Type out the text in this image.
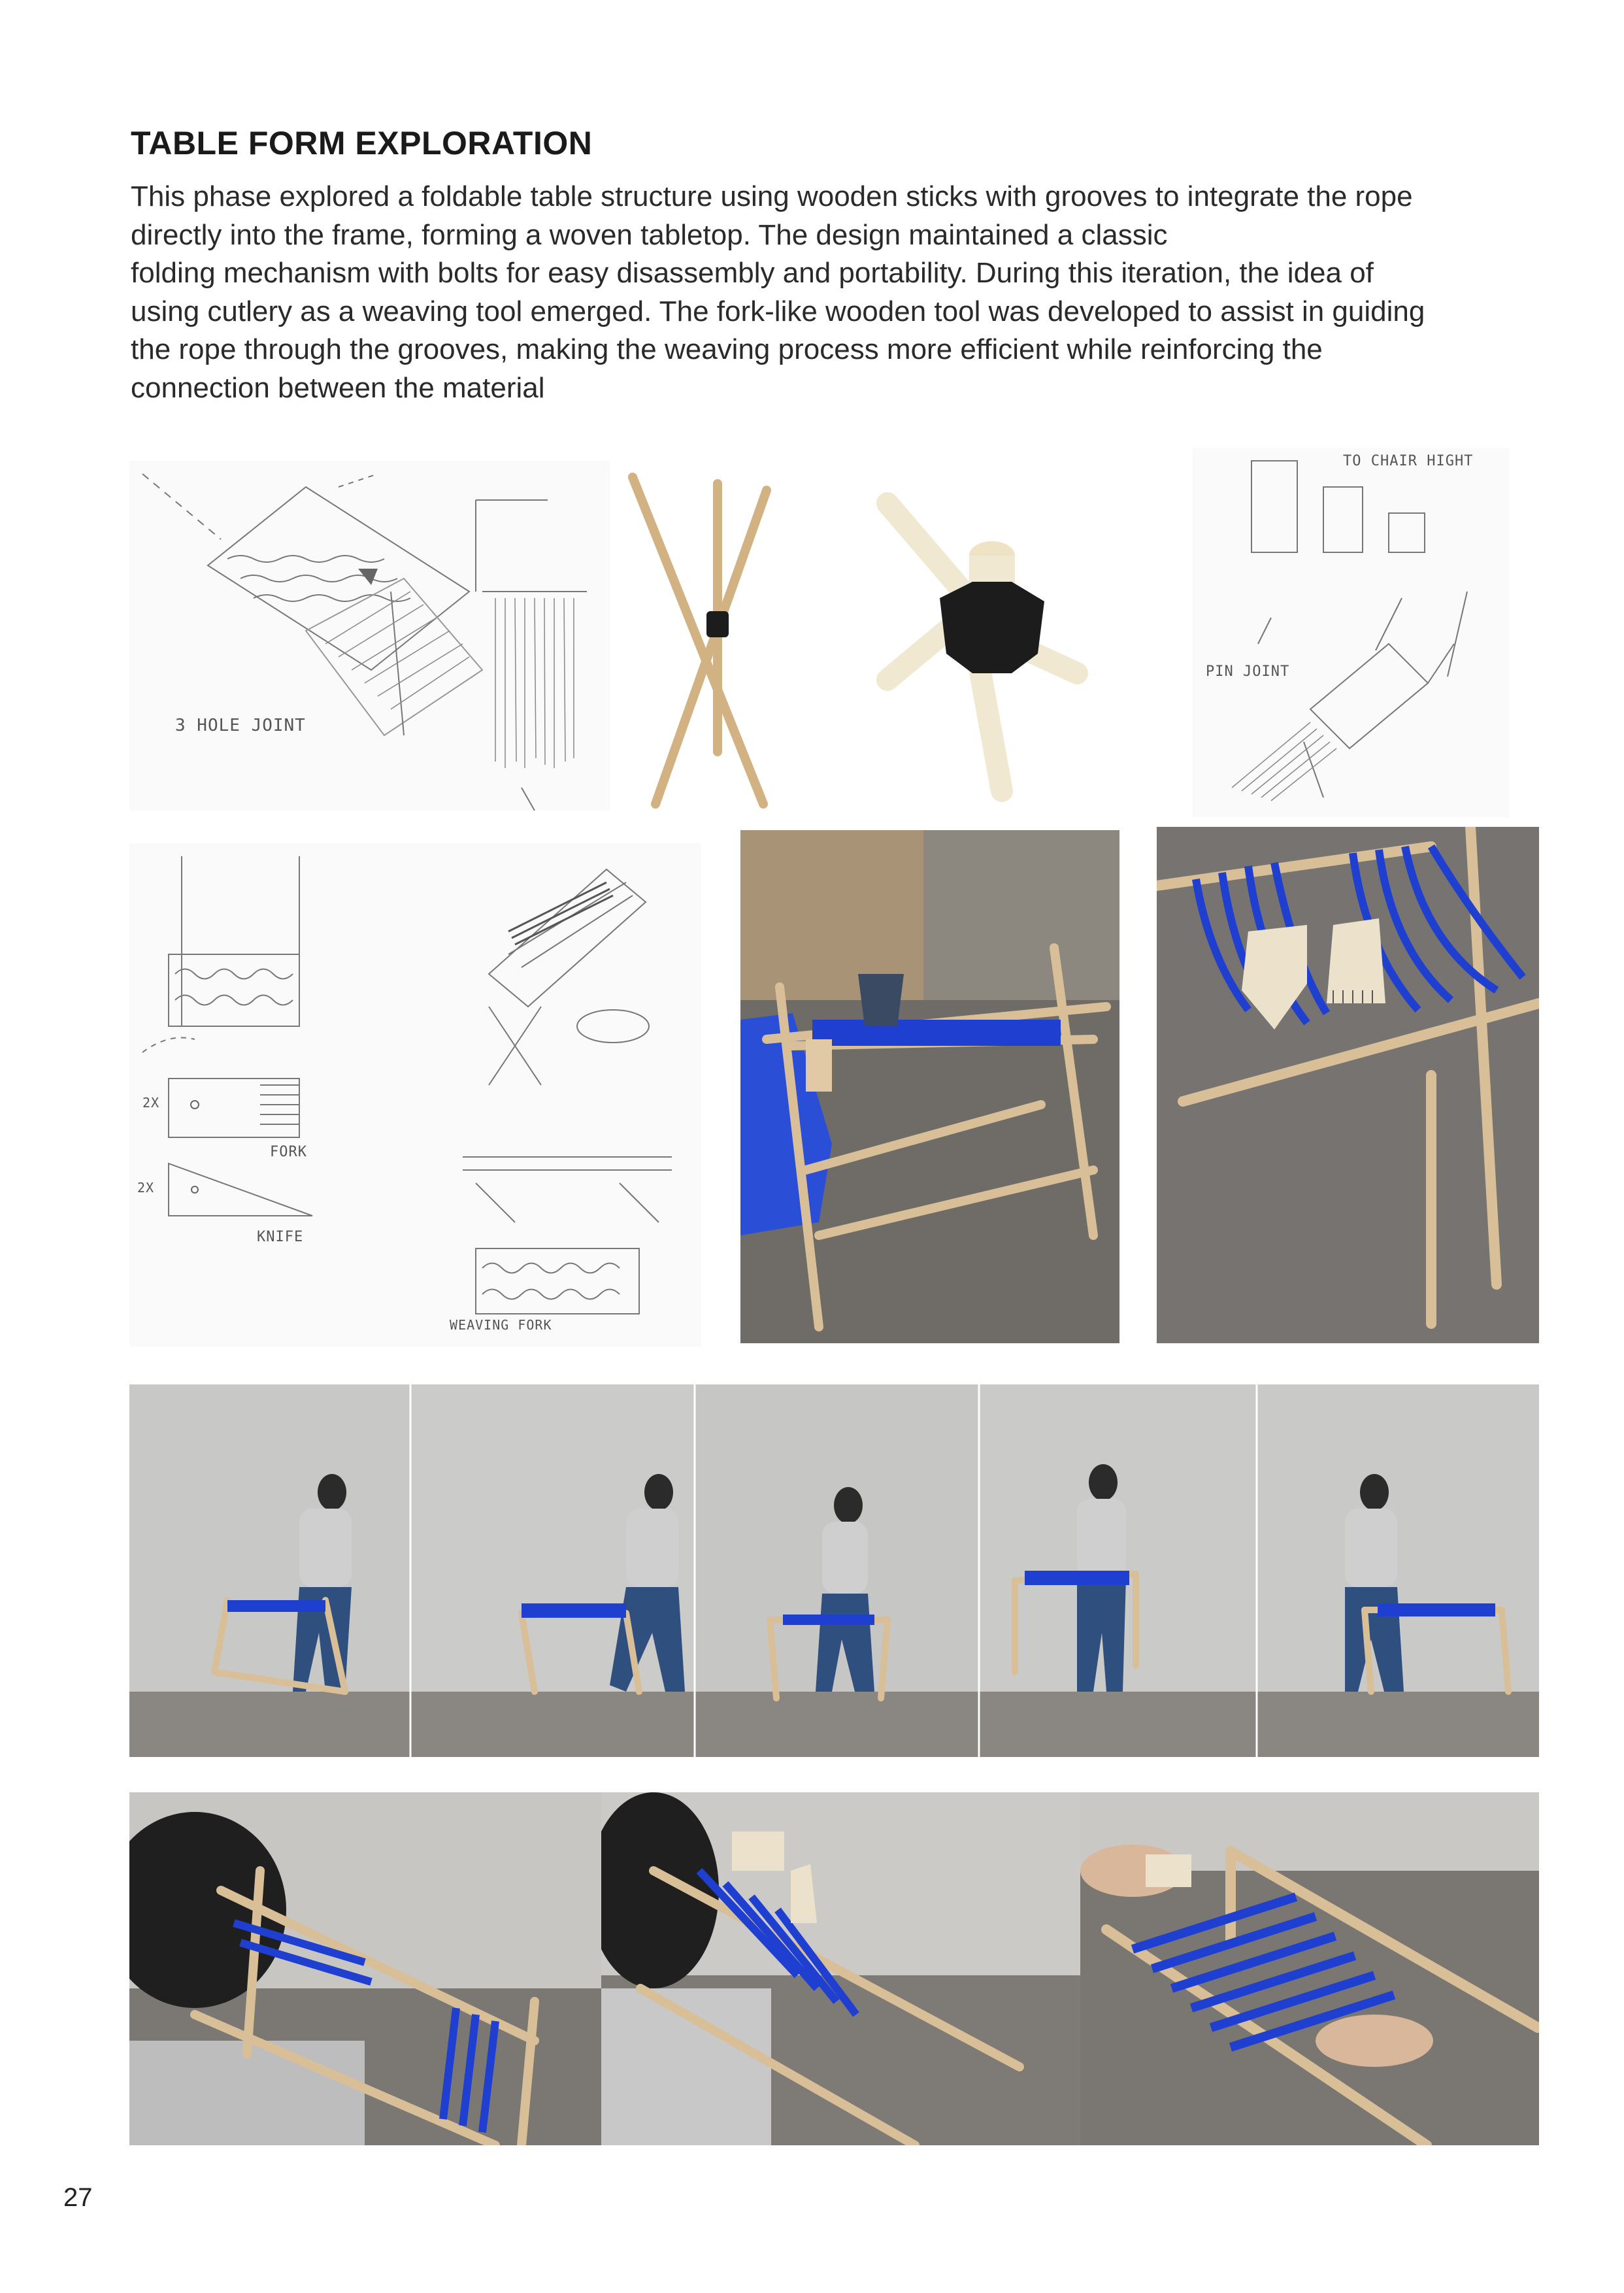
TABLE FORM EXPLORATION
This phase explored a foldable table structure using wooden sticks with grooves to integrate the rope
directly into the frame, forming a woven tabletop. The design maintained a classic
folding mechanism with bolts for easy disassembly and portability. During this iteration, the idea of
using cutlery as a weaving tool emerged. The fork-like wooden tool was developed to assist in guiding
the rope through the grooves, making the weaving process more efficient while reinforcing the
connection between the material
3 HOLE JOINT
TO CHAIR HIGHT
PIN JOINT
FORK
KNIFE
2X
2X
WEAVING FORK
27
